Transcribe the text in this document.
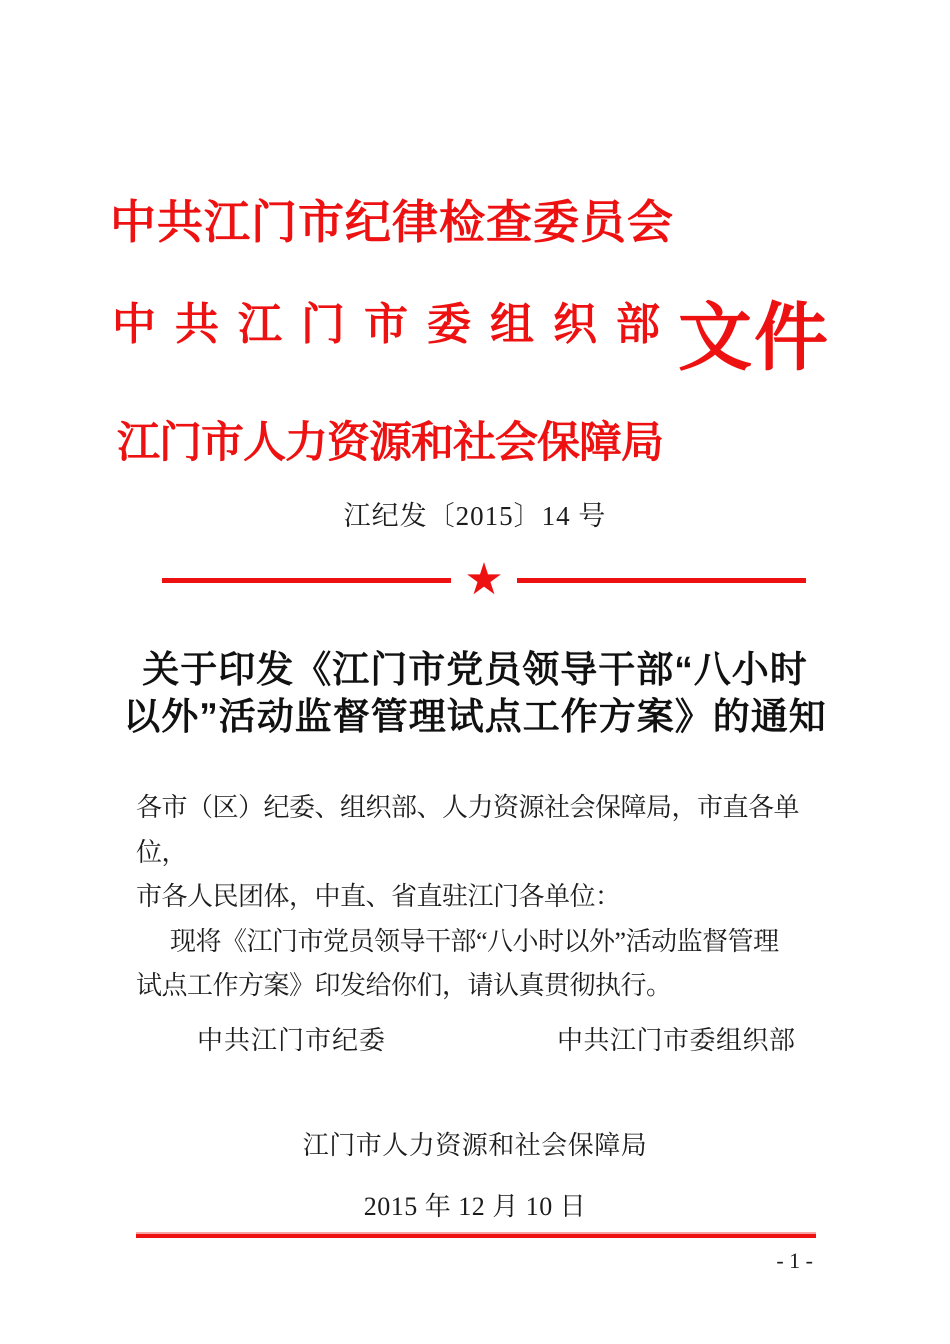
中共江门市纪律检查委员会
中共江门市委组织部 文件
江门市人力资源和社会保障局
江纪发〔2015〕14 号
★
关于印发《江门市党员领导干部“八小时
以外”活动监督管理试点工作方案》的通知
各市（区）纪委、组织部、人力资源社会保障局，市直各单位，
市各人民团体，中直、省直驻江门各单位：
现将《江门市党员领导干部“八小时以外”活动监督管理
试点工作方案》印发给你们，请认真贯彻执行。
中共江门市纪委	中共江门市委组织部
江门市人力资源和社会保障局
2015 年 12 月 10 日
- 1 -
